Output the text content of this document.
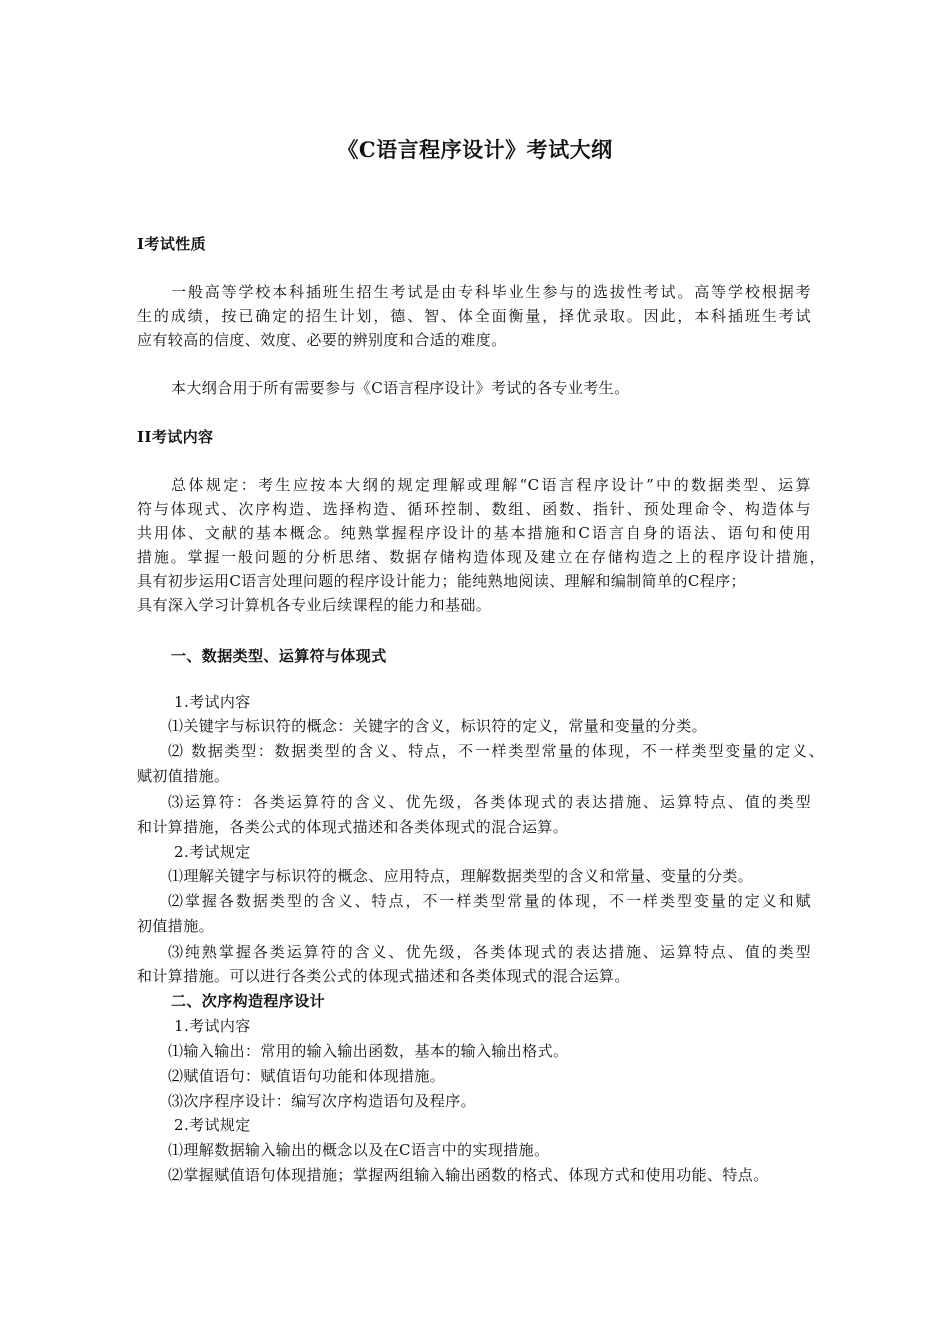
《C语言程序设计》考试大纲
I考试性质
一般高等学校本科插班生招生考试是由专科毕业生参与的选拔性考试。高等学校根据考
生的成绩，按已确定的招生计划，德、智、体全面衡量，择优录取。因此，本科插班生考试
应有较高的信度、效度、必要的辨别度和合适的难度。
本大纲合用于所有需要参与《C语言程序设计》考试的各专业考生。
II考试内容
总体规定：考生应按本大纲的规定理解或理解“C语言程序设计”中的数据类型、运算
符与体现式、次序构造、选择构造、循环控制、数组、函数、指针、预处理命令、构造体与
共用体、文献的基本概念。纯熟掌握程序设计的基本措施和C语言自身的语法、语句和使用
措施。掌握一般问题的分析思绪、数据存储构造体现及建立在存储构造之上的程序设计措施，
具有初步运用C语言处理问题的程序设计能力；能纯熟地阅读、理解和编制简单的C程序；
具有深入学习计算机各专业后续课程的能力和基础。
一、数据类型、运算符与体现式
1.考试内容
⑴关键字与标识符的概念：关键字的含义，标识符的定义，常量和变量的分类。
⑵ 数据类型：数据类型的含义、特点，不一样类型常量的体现，不一样类型变量的定义、
赋初值措施。
⑶运算符：各类运算符的含义、优先级，各类体现式的表达措施、运算特点、值的类型
和计算措施，各类公式的体现式描述和各类体现式的混合运算。
2.考试规定
⑴理解关键字与标识符的概念、应用特点，理解数据类型的含义和常量、变量的分类。
⑵掌握各数据类型的含义、特点，不一样类型常量的体现，不一样类型变量的定义和赋
初值措施。
⑶纯熟掌握各类运算符的含义、优先级，各类体现式的表达措施、运算特点、值的类型
和计算措施。可以进行各类公式的体现式描述和各类体现式的混合运算。
二、次序构造程序设计
1.考试内容
⑴输入输出：常用的输入输出函数，基本的输入输出格式。
⑵赋值语句：赋值语句功能和体现措施。
⑶次序程序设计：编写次序构造语句及程序。
2.考试规定
⑴理解数据输入输出的概念以及在C语言中的实现措施。
⑵掌握赋值语句体现措施；掌握两组输入输出函数的格式、体现方式和使用功能、特点。
